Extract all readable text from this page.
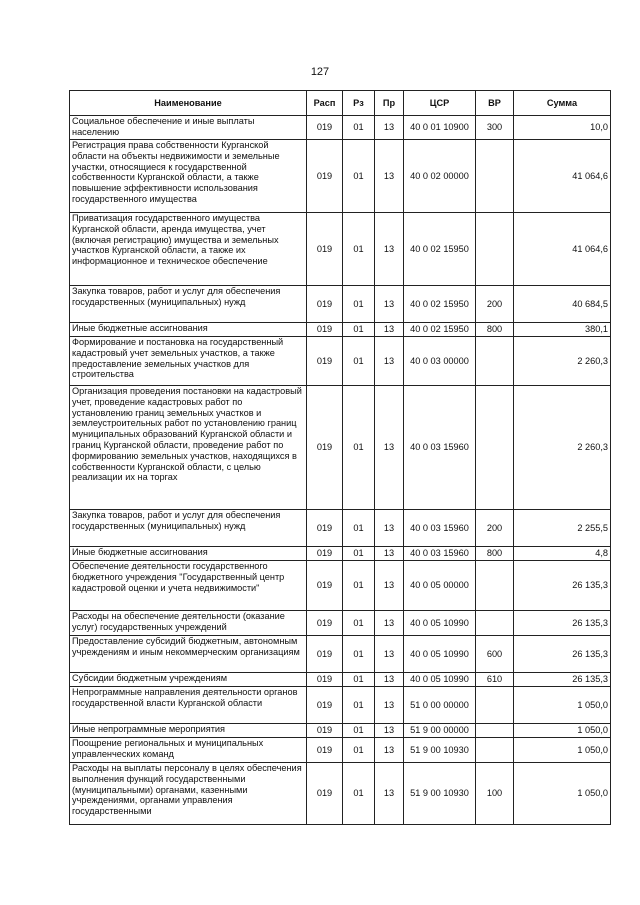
127
Наименование	Расп	Рз	Пр	ЦСР	ВР	Сумма
Социальное обеспечение и иные выплаты населению	019	01	13	40 0 01 10900	300	10,0
Регистрация права собственности Курганской области на объекты недвижимости и земельные участки, относящиеся к государственной собственности Курганской области, а также повышение эффективности использования государственного имущества	019	01	13	40 0 02 00000		41 064,6
Приватизация государственного имущества Курганской области, аренда имущества, учет (включая регистрацию) имущества и земельных участков Курганской области, а также их информационное и техническое обеспечение	019	01	13	40 0 02 15950		41 064,6
Закупка товаров, работ и услуг для обеспечения государственных (муниципальных) нужд	019	01	13	40 0 02 15950	200	40 684,5
Иные бюджетные ассигнования	019	01	13	40 0 02 15950	800	380,1
Формирование и постановка на государственный кадастровый учет земельных участков, а также предоставление земельных участков для строительства	019	01	13	40 0 03 00000		2 260,3
Организация проведения постановки на кадастровый учет, проведение кадастровых работ по установлению границ земельных участков и землеустроительных работ по установлению границ муниципальных образований Курганской области и границ Курганской области, проведение работ по формированию земельных участков, находящихся в собственности Курганской области, с целью реализации их на торгах	019	01	13	40 0 03 15960		2 260,3
Закупка товаров, работ и услуг для обеспечения государственных (муниципальных) нужд	019	01	13	40 0 03 15960	200	2 255,5
Иные бюджетные ассигнования	019	01	13	40 0 03 15960	800	4,8
Обеспечение деятельности государственного бюджетного учреждения "Государственный центр кадастровой оценки и учета недвижимости"	019	01	13	40 0 05 00000		26 135,3
Расходы на обеспечение деятельности (оказание услуг) государственных учреждений	019	01	13	40 0 05 10990		26 135,3
Предоставление субсидий бюджетным, автономным учреждениям и иным некоммерческим организациям	019	01	13	40 0 05 10990	600	26 135,3
Субсидии бюджетным учреждениям	019	01	13	40 0 05 10990	610	26 135,3
Непрограммные направления деятельности органов государственной власти Курганской области	019	01	13	51 0 00 00000		1 050,0
Иные непрограммные мероприятия	019	01	13	51 9 00 00000		1 050,0
Поощрение региональных и муниципальных управленческих команд	019	01	13	51 9 00 10930		1 050,0
Расходы на выплаты персоналу в целях обеспечения выполнения функций государственными (муниципальными) органами, казенными учреждениями, органами управления государственными	019	01	13	51 9 00 10930	100	1 050,0
